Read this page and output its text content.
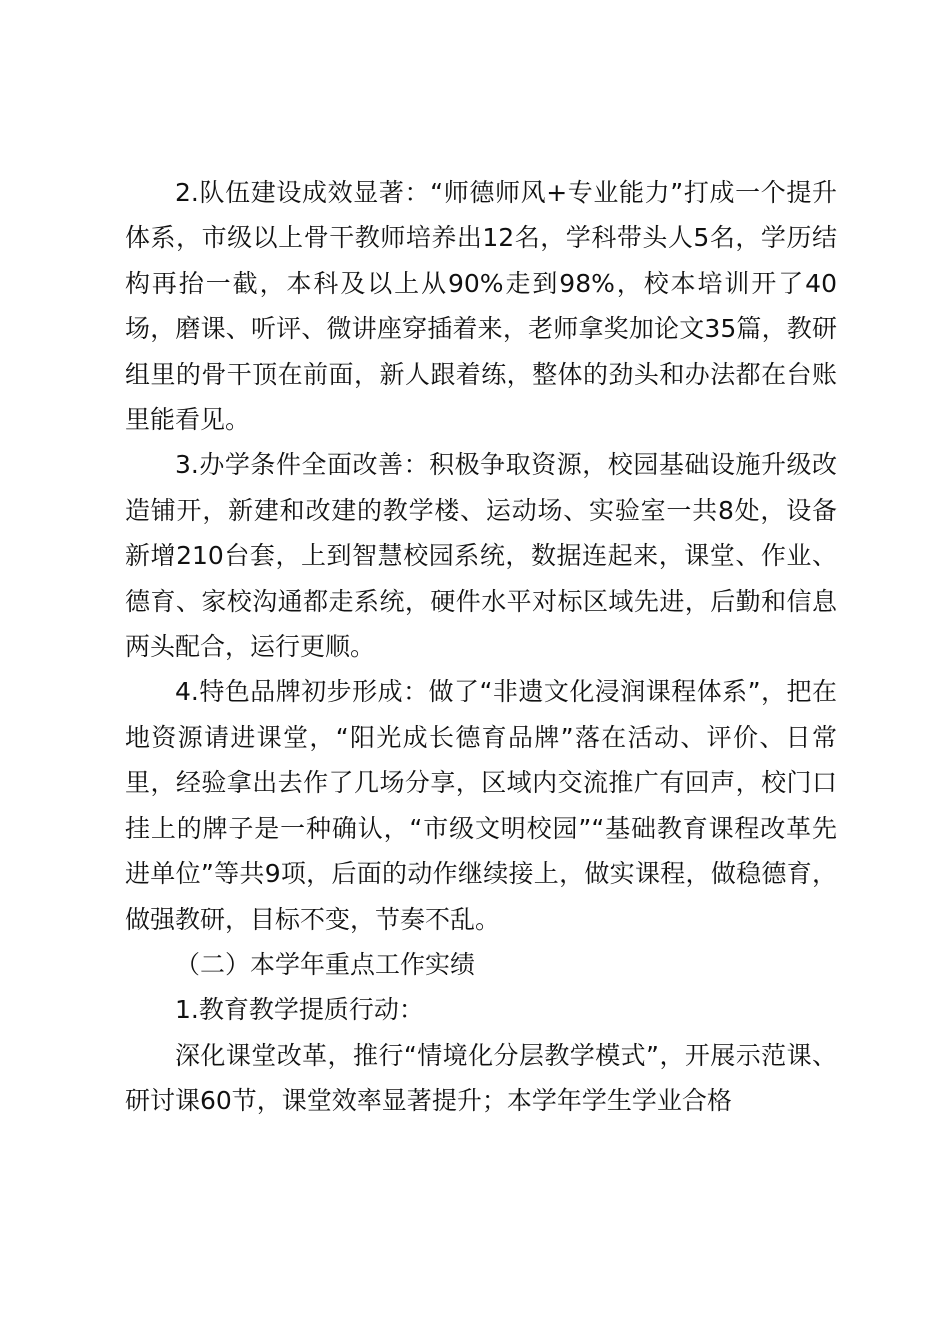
2.队伍建设成效显著：“师德师风+专业能力”打成一个提升体系，市级以上骨干教师培养出12名，学科带头人5名，学历结构再抬一截，本科及以上从90%走到98%，校本培训开了40场，磨课、听评、微讲座穿插着来，老师拿奖加论文35篇，教研组里的骨干顶在前面，新人跟着练，整体的劲头和办法都在台账里能看见。

3.办学条件全面改善：积极争取资源，校园基础设施升级改造铺开，新建和改建的教学楼、运动场、实验室一共8处，设备新增210台套，上到智慧校园系统，数据连起来，课堂、作业、德育、家校沟通都走系统，硬件水平对标区域先进，后勤和信息两头配合，运行更顺。

4.特色品牌初步形成：做了“非遗文化浸润课程体系”，把在地资源请进课堂，“阳光成长德育品牌”落在活动、评价、日常里，经验拿出去作了几场分享，区域内交流推广有回声，校门口挂上的牌子是一种确认，“市级文明校园”“基础教育课程改革先进单位”等共9项，后面的动作继续接上，做实课程，做稳德育，做强教研，目标不变，节奏不乱。

（二）本学年重点工作实绩

1.教育教学提质行动：

深化课堂改革，推行“情境化分层教学模式”，开展示范课、研讨课60节，课堂效率显著提升；本学年学生学业合格
